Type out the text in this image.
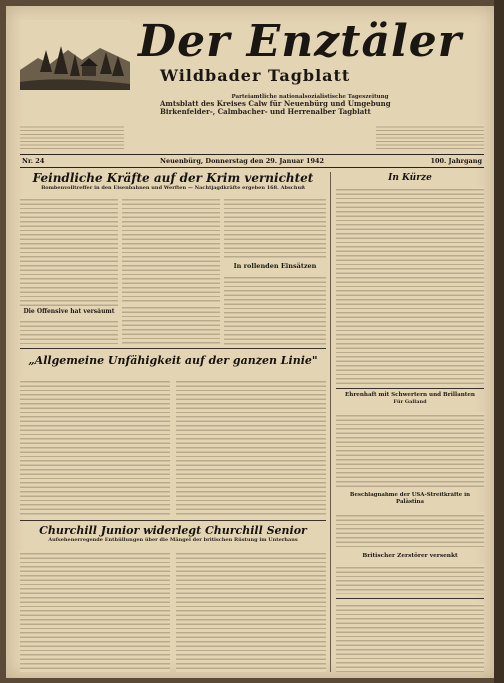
Der Enztäler
Wildbader Tagblatt
Parteiamtliche nationalsozialistische Tageszeitung
Amtsblatt des Kreises Calw für Neuenbürg und Umgebung
Birkenfelder-, Calmbacher- und Herrenalber Tagblatt
Nr. 24	Neuenbürg, Donnerstag den 29. Januar 1942	100. Jahrgang
Feindliche Kräfte auf der Krim vernichtet
Bombenvolltreffer in den Eisenbahnen und Werften — Nachtjagdkräfte ergeben 168. Abschuß
Die Offensive hat versäumt
In rollenden Einsätzen
„Allgemeine Unfähigkeit auf der ganzen Linie"
Churchill Junior widerlegt Churchill Senior
Aufsehenerregende Enthüllungen über die Mängel der britischen Rüstung im Unterhaus
In Kürze
Ehrenhaft mit Schwertern und Brillanten
Für Galland
Beschlagnahme der USA-Streitkräfte in Palästina
Britischer Zerstörer versenkt
